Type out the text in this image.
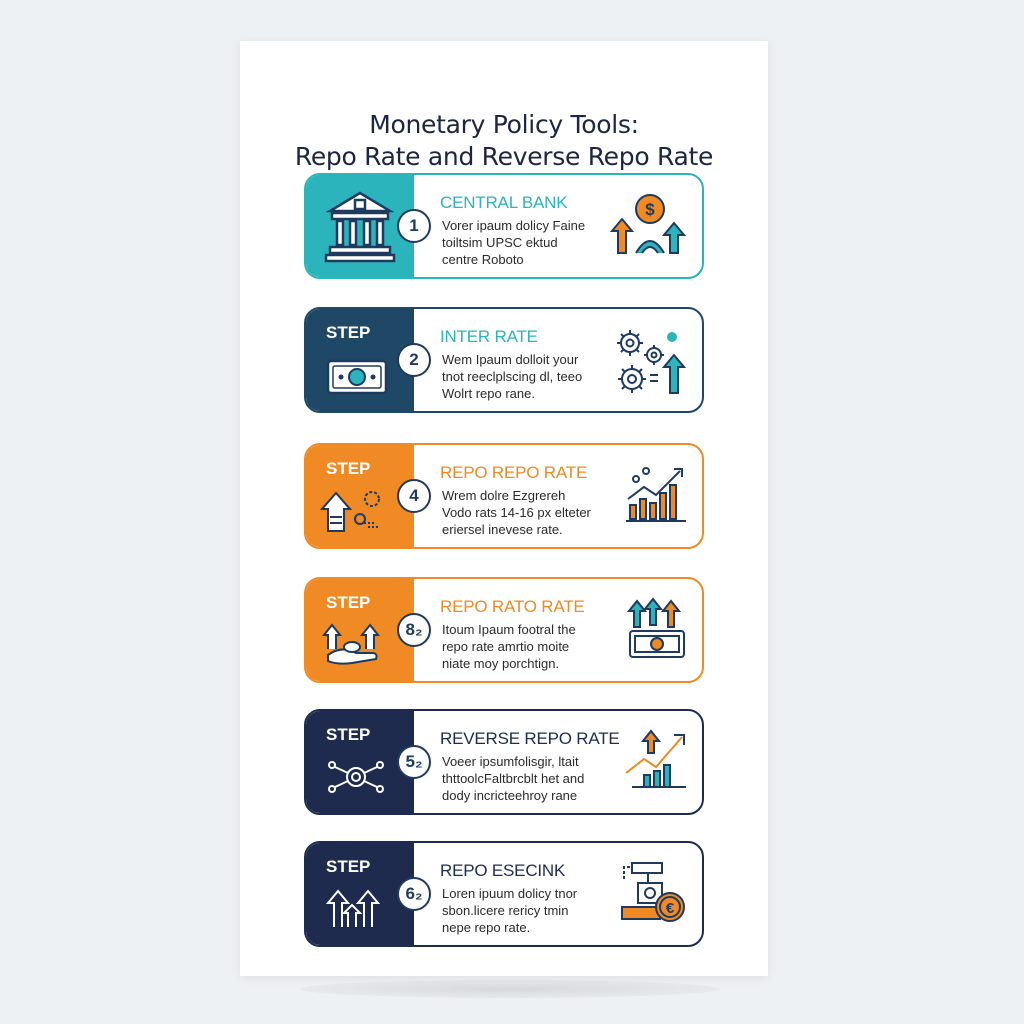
Monetary Policy Tools:
Repo Rate and Reverse Repo Rate
1
CENTRAL BANK
Vorer ipaum dolicy Faine
toiltsim UPSC ektud
centre Roboto
$
STEP
2
INTER RATE
Wem Ipaum dolloit your
tnot reeclplscing dl, teeo
Wolrt repo rane.
STEP
4
REPO REPO RATE
Wrem dolre Ezgrereh
Vodo rats 14-16 px elteter
eriersel inevese rate.
STEP
8₂
REPO RATO RATE
Itoum Ipaum footral the
repo rate amrtio moite
niate moy porchtign.
STEP
5₂
REVERSE REPO RATE
Voeer ipsumfolisgir, ltait
thttoolcFaltbrcblt het and
dody incricteehroy rane
STEP
6₂
REPO ESECINK
Loren ipuum dolicy tnor
sbon.licere rericy tmin
nepe repo rate.
€
